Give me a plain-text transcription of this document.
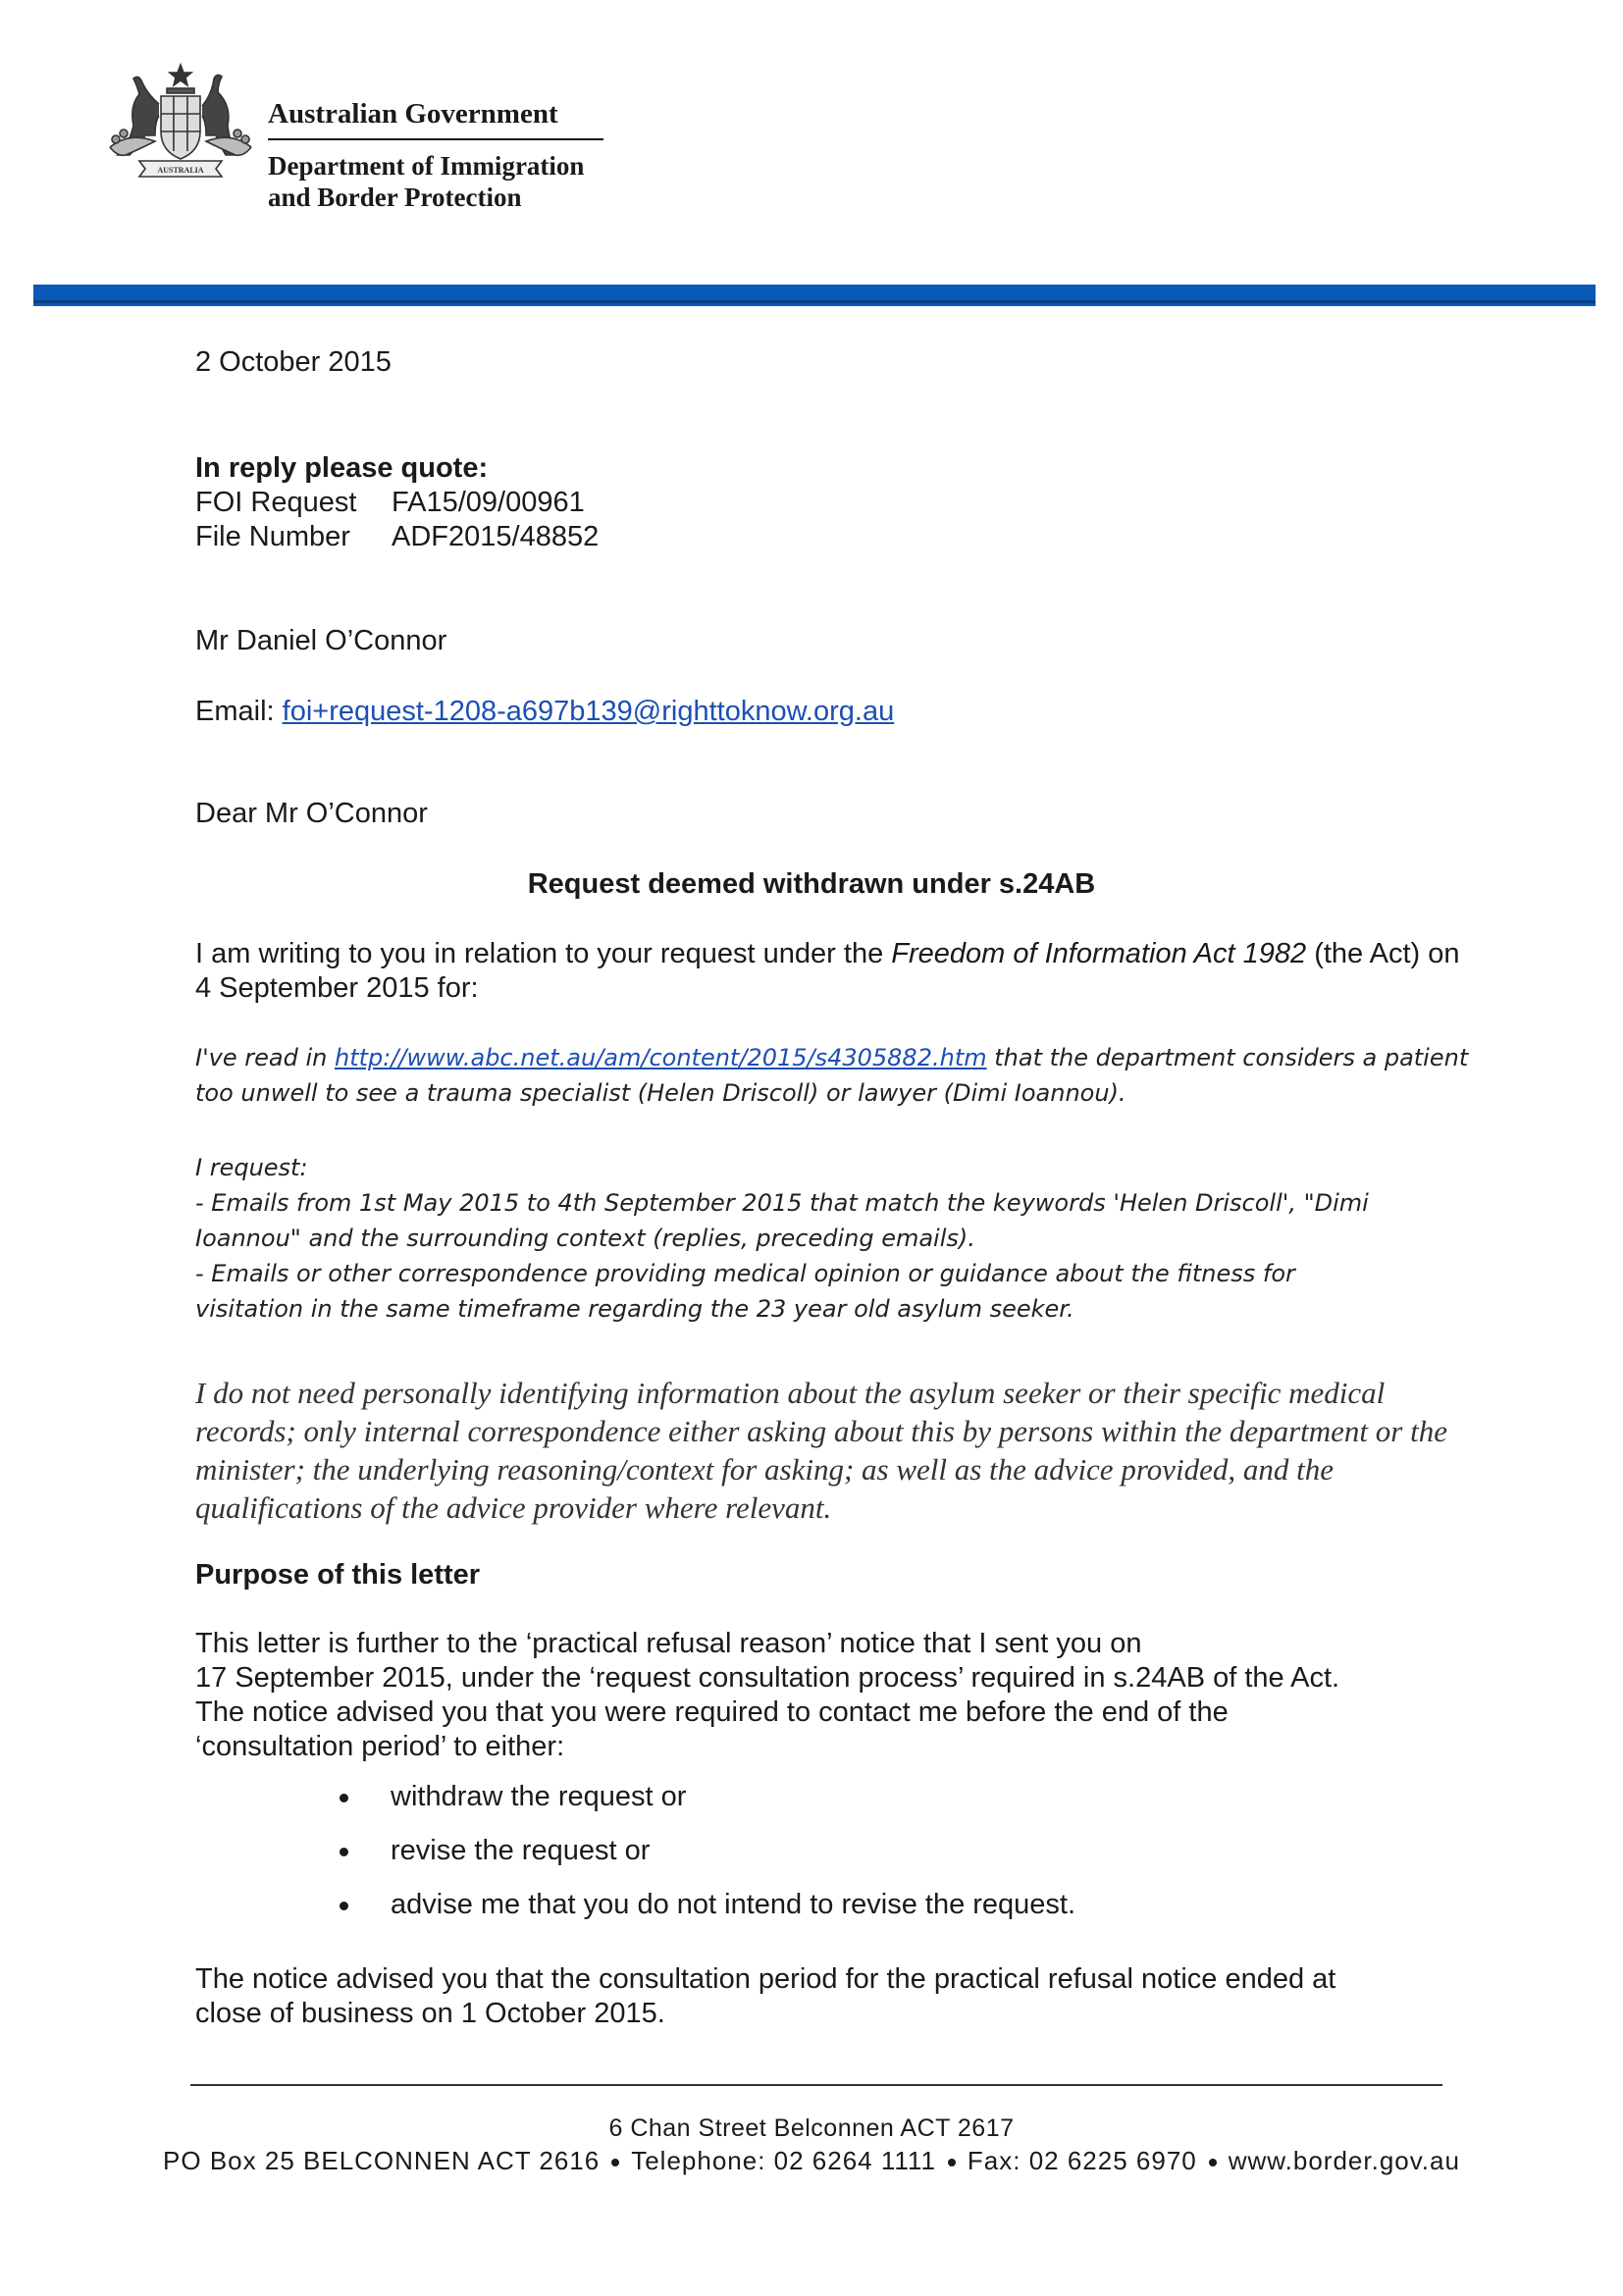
AUSTRALIA
Australian Government
Department of Immigration
and Border Protection
2 October 2015
In reply please quote:
FOI Request FA15/09/00961
File Number ADF2015/48852
Mr Daniel O’Connor
Email: foi+request-1208-a697b139@righttoknow.org.au
Dear Mr O’Connor
Request deemed withdrawn under s.24AB
I am writing to you in relation to your request under the Freedom of Information Act 1982 (the Act) on 4 September 2015 for:
I've read in http://www.abc.net.au/am/content/2015/s4305882.htm that the department considers a patient too unwell to see a trauma specialist (Helen Driscoll) or lawyer (Dimi Ioannou).
I request:
- Emails from 1st May 2015 to 4th September 2015 that match the keywords 'Helen Driscoll', "Dimi
Ioannou" and the surrounding context (replies, preceding emails).
- Emails or other correspondence providing medical opinion or guidance about the fitness for
visitation in the same timeframe regarding the 23 year old asylum seeker.
I do not need personally identifying information about the asylum seeker or their specific medical records; only internal correspondence either asking about this by persons within the department or the minister; the underlying reasoning/context for asking; as well as the advice provided, and the qualifications of the advice provider where relevant.
Purpose of this letter
This letter is further to the ‘practical refusal reason’ notice that I sent you on
17 September 2015, under the ‘request consultation process’ required in s.24AB of the Act.
The notice advised you that you were required to contact me before the end of the
‘consultation period’ to either:
withdraw the request or
revise the request or
advise me that you do not intend to revise the request.
The notice advised you that the consultation period for the practical refusal notice ended at
close of business on 1 October 2015.
6 Chan Street Belconnen ACT 2617
PO Box 25 BELCONNEN ACT 2616 Telephone: 02 6264 1111 Fax: 02 6225 6970 www.border.gov.au
